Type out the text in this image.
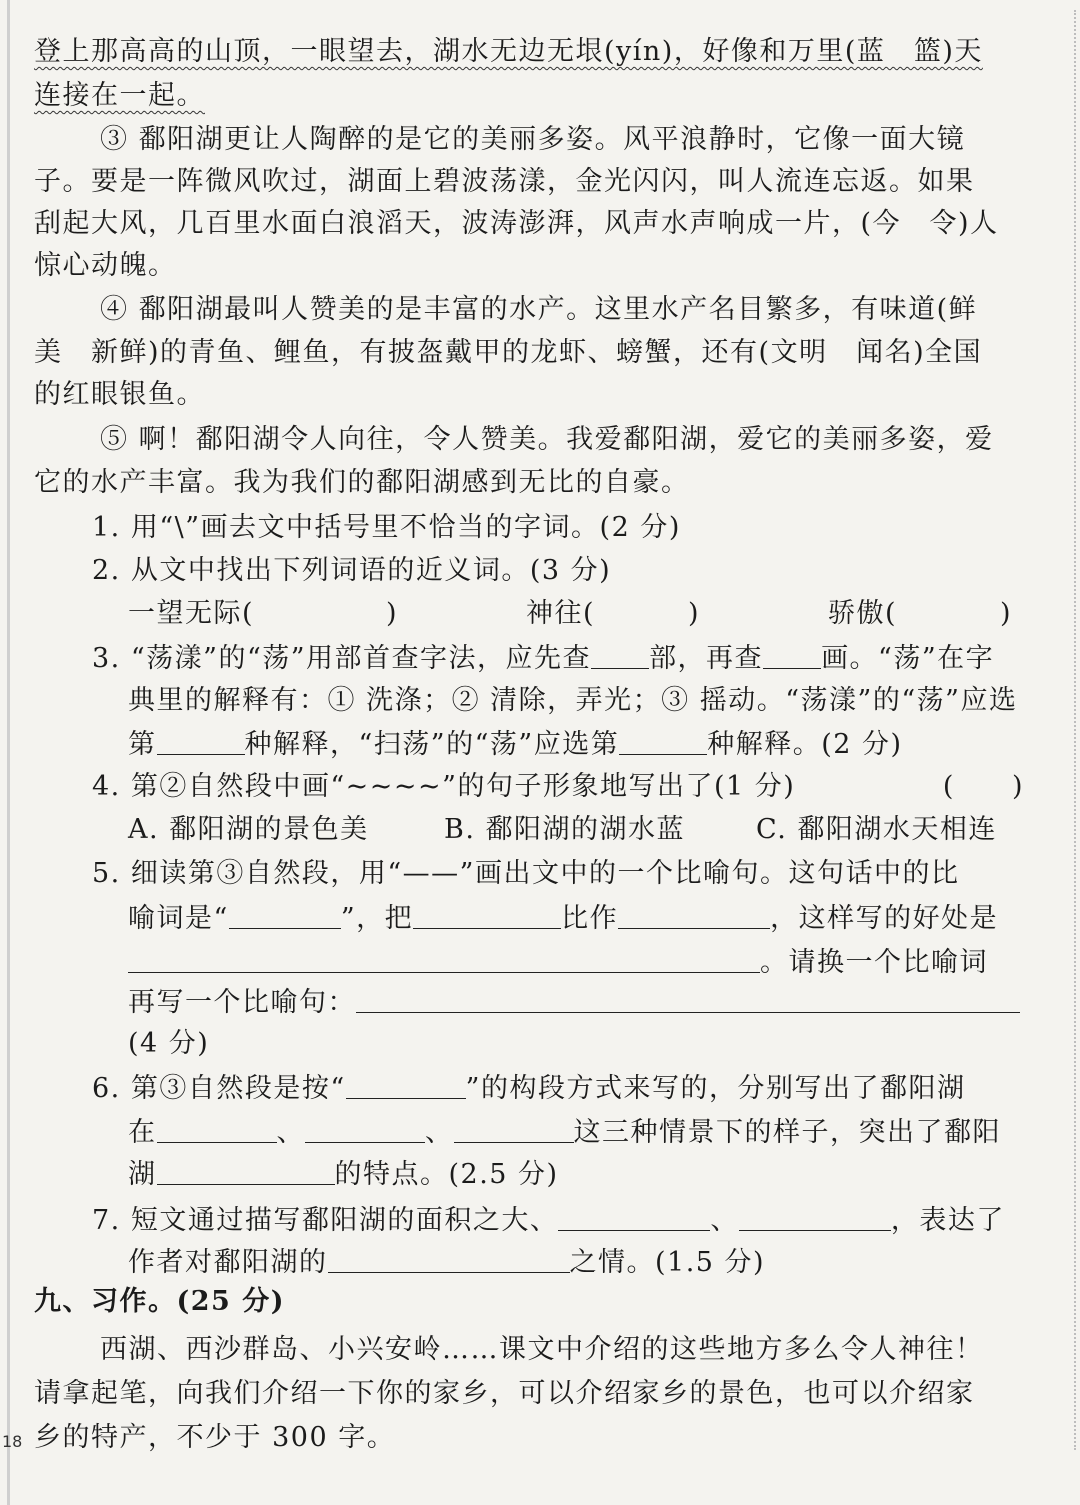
登上那高高的山顶，一眼望去，湖水无边无垠(yín)，好像和万里(蓝　篮)天
连接在一起。
③ 鄱阳湖更让人陶醉的是它的美丽多姿。风平浪静时，它像一面大镜
子。要是一阵微风吹过，湖面上碧波荡漾，金光闪闪，叫人流连忘返。如果
刮起大风，几百里水面白浪滔天，波涛澎湃，风声水声响成一片，(今　令)人
惊心动魄。
④ 鄱阳湖最叫人赞美的是丰富的水产。这里水产名目繁多，有味道(鲜
美　新鲜)的青鱼、鲤鱼，有披盔戴甲的龙虾、螃蟹，还有(文明　闻名)全国
的红眼银鱼。
⑤ 啊！鄱阳湖令人向往，令人赞美。我爱鄱阳湖，爱它的美丽多姿，爱
它的水产丰富。我为我们的鄱阳湖感到无比的自豪。
1. 用“\”画去文中括号里不恰当的字词。(2 分)
2. 从文中找出下列词语的近义词。(3 分)
一望无际(	)	神往(	)	骄傲(	)
3. “荡漾”的“荡”用部首查字法，应先查 部，再查 画。“荡”在字
典里的解释有：① 洗涤；② 清除，弄光；③ 摇动。“荡漾”的“荡”应选
第	种解释，“扫荡”的“荡”应选第	种解释。(2 分)
4. 第②自然段中画“~~~~”的句子形象地写出了(1 分)	(　　)
A. 鄱阳湖的景色美	B. 鄱阳湖的湖水蓝	C. 鄱阳湖水天相连
5. 细读第③自然段，用“——”画出文中的一个比喻句。这句话中的比
喻词是“	”，把	比作	，这样写的好处是
。请换一个比喻词
再写一个比喻句：
(4 分)
6. 第③自然段是按“	”的构段方式来写的，分别写出了鄱阳湖
在	、	、	这三种情景下的样子，突出了鄱阳
湖	的特点。(2.5 分)
7. 短文通过描写鄱阳湖的面积之大、	、	，表达了
作者对鄱阳湖的	之情。(1.5 分)
九、习作。(25 分)
西湖、西沙群岛、小兴安岭……课文中介绍的这些地方多么令人神往！
请拿起笔，向我们介绍一下你的家乡，可以介绍家乡的景色，也可以介绍家
乡的特产，不少于 300 字。
18
